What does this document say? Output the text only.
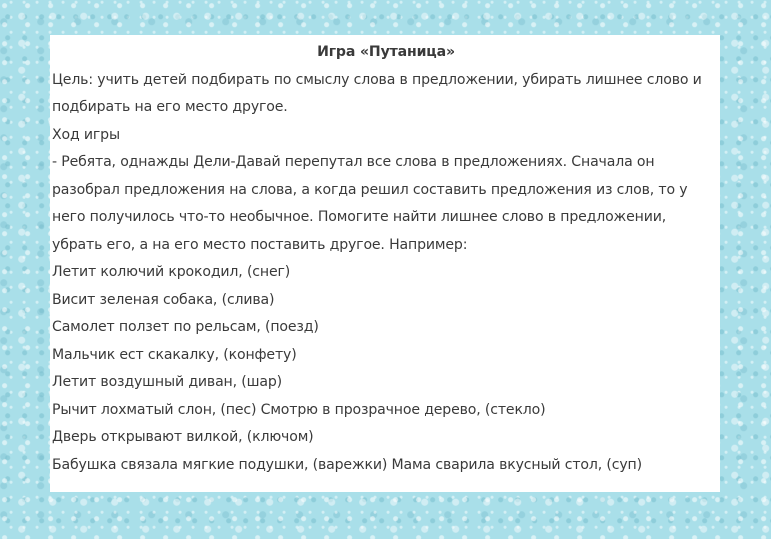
Игра «Путаница»
Цель: учить детей подбирать по смыслу слова в предложении, убирать лишнее слово и подбирать на его место другое.
Ход игры
- Ребята, однажды Дели-Давай перепутал все слова в предложениях. Сначала он разобрал предложения на слова, а когда решил составить предложения из слов, то у него получилось что-то необычное. Помогите найти лишнее слово в предложении, убрать его, а на его место поставить другое. Например:
Летит колючий крокодил, (снег)
Висит зеленая собака, (слива)
Самолет ползет по рельсам, (поезд)
Мальчик ест скакалку, (конфету)
Летит воздушный диван, (шар)
Рычит лохматый слон, (пес) Смотрю в прозрачное дерево, (стекло)
Дверь открывают вилкой, (ключом)
Бабушка связала мягкие подушки, (варежки) Мама сварила вкусный стол, (суп)
